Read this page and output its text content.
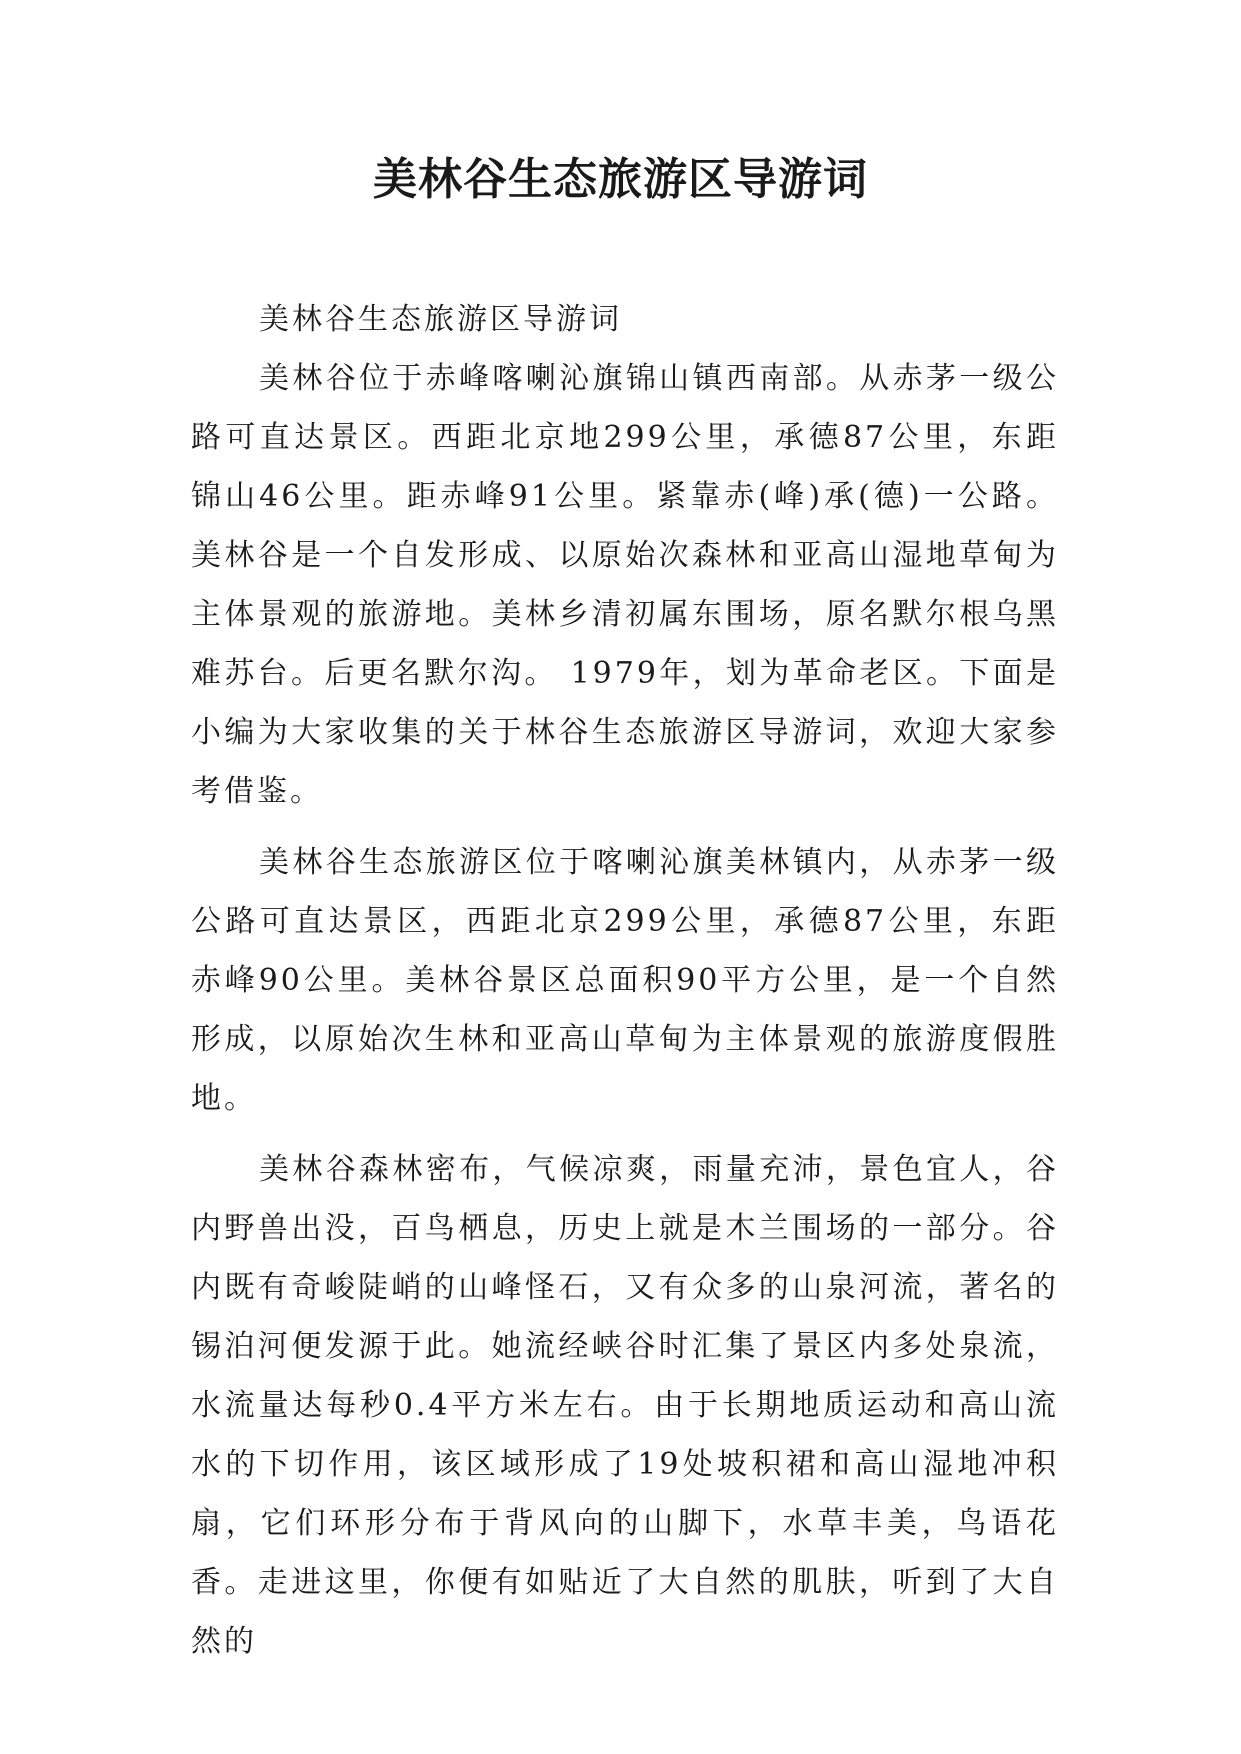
美林谷生态旅游区导游词

美林谷生态旅游区导游词

美林谷位于赤峰喀喇沁旗锦山镇西南部。从赤茅一级公路可直达景区。西距北京地299公里，承德87公里，东距锦山46公里。距赤峰91公里。紧靠赤(峰)承(德)一公路。美林谷是一个自发形成、以原始次森林和亚高山湿地草甸为主体景观的旅游地。美林乡清初属东围场，原名默尔根乌黑难苏台。后更名默尔沟。 1979年，划为革命老区。下面是小编为大家收集的关于林谷生态旅游区导游词，欢迎大家参考借鉴。

美林谷生态旅游区位于喀喇沁旗美林镇内，从赤茅一级公路可直达景区，西距北京299公里，承德87公里，东距赤峰90公里。美林谷景区总面积90平方公里，是一个自然形成，以原始次生林和亚高山草甸为主体景观的旅游度假胜地。

美林谷森林密布，气候凉爽，雨量充沛，景色宜人，谷内野兽出没，百鸟栖息，历史上就是木兰围场的一部分。谷内既有奇峻陡峭的山峰怪石，又有众多的山泉河流，著名的锡泊河便发源于此。她流经峡谷时汇集了景区内多处泉流，水流量达每秒0.4平方米左右。由于长期地质运动和高山流水的下切作用，该区域形成了19处坡积裙和高山湿地冲积扇，它们环形分布于背风向的山脚下，水草丰美，鸟语花香。走进这里，你便有如贴近了大自然的肌肤，听到了大自然的
